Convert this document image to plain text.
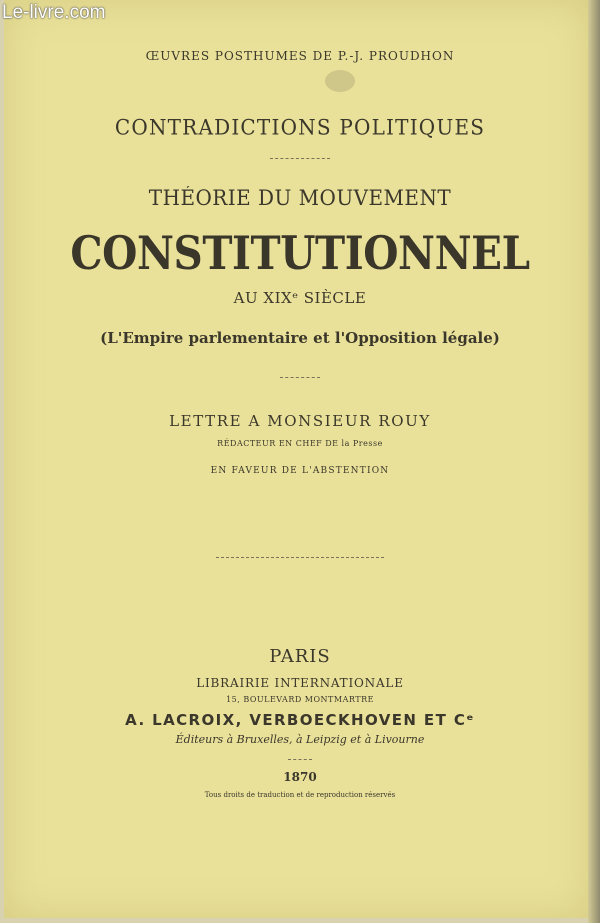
Le-livre.com
ŒUVRES POSTHUMES DE P.-J. PROUDHON
CONTRADICTIONS POLITIQUES
THÉORIE DU MOUVEMENT
CONSTITUTIONNEL
AU XIXᵉ SIÈCLE
(L'Empire parlementaire et l'Opposition légale)
LETTRE A MONSIEUR ROUY
RÉDACTEUR EN CHEF DE la Presse
EN FAVEUR DE L'ABSTENTION
PARIS
LIBRAIRIE INTERNATIONALE
15, BOULEVARD MONTMARTRE
A. LACROIX, VERBOECKHOVEN ET Cᵉ
Éditeurs à Bruxelles, à Leipzig et à Livourne
1870
Tous droits de traduction et de reproduction réservés
